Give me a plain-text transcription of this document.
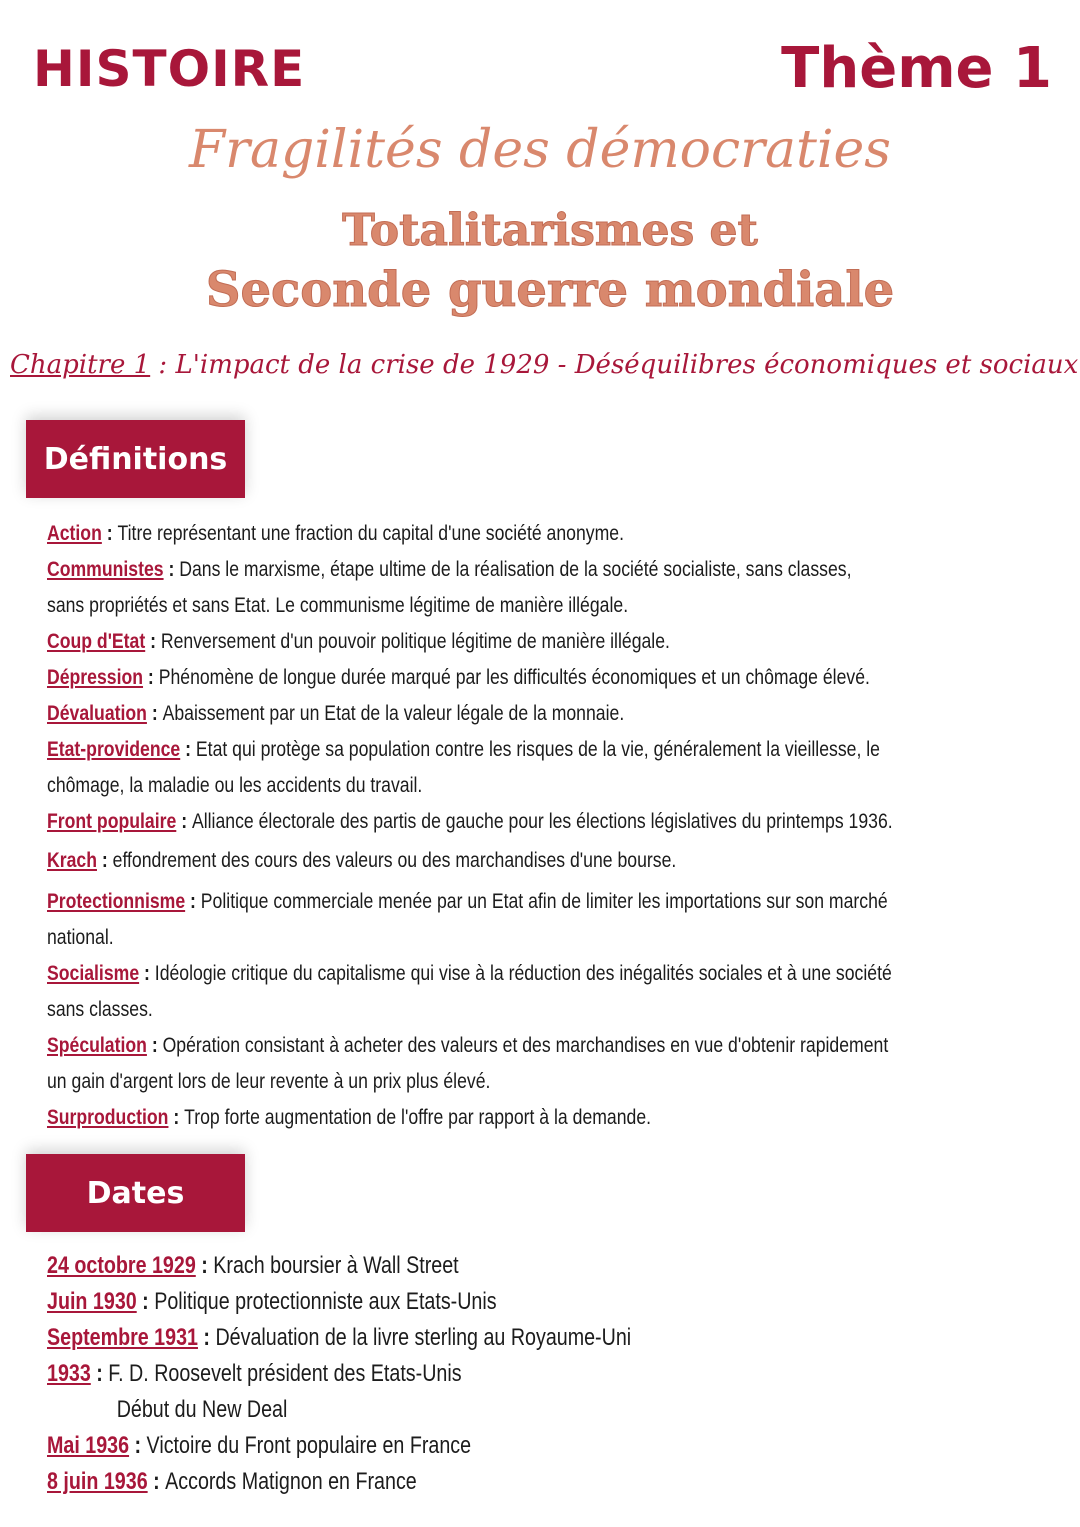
HISTOIRE	Thème 1
Fragilités des démocraties
Totalitarismes et
Seconde guerre mondiale
Chapitre 1 : L'impact de la crise de 1929 - Déséquilibres économiques et sociaux
Définitions
Action : Titre représentant une fraction du capital d'une société anonyme.
Communistes : Dans le marxisme, étape ultime de la réalisation de la société socialiste, sans classes,
sans propriétés et sans Etat. Le communisme légitime de manière illégale.
Coup d'Etat : Renversement d'un pouvoir politique légitime de manière illégale.
Dépression : Phénomène de longue durée marqué par les difficultés économiques et un chômage élevé.
Dévaluation : Abaissement par un Etat de la valeur légale de la monnaie.
Etat-providence : Etat qui protège sa population contre les risques de la vie, généralement la vieillesse, le
chômage, la maladie ou les accidents du travail.
Front populaire : Alliance électorale des partis de gauche pour les élections législatives du printemps 1936.
Krach : effondrement des cours des valeurs ou des marchandises d'une bourse.
Protectionnisme : Politique commerciale menée par un Etat afin de limiter les importations sur son marché
national.
Socialisme : Idéologie critique du capitalisme qui vise à la réduction des inégalités sociales et à une société
sans classes.
Spéculation : Opération consistant à acheter des valeurs et des marchandises en vue d'obtenir rapidement
un gain d'argent lors de leur revente à un prix plus élevé.
Surproduction : Trop forte augmentation de l'offre par rapport à la demande.
Dates
24 octobre 1929 : Krach boursier à Wall Street
Juin 1930 : Politique protectionniste aux Etats-Unis
Septembre 1931 : Dévaluation de la livre sterling au Royaume-Uni
1933 : F. D. Roosevelt président des Etats-Unis
Début du New Deal
Mai 1936 : Victoire du Front populaire en France
8 juin 1936 : Accords Matignon en France
